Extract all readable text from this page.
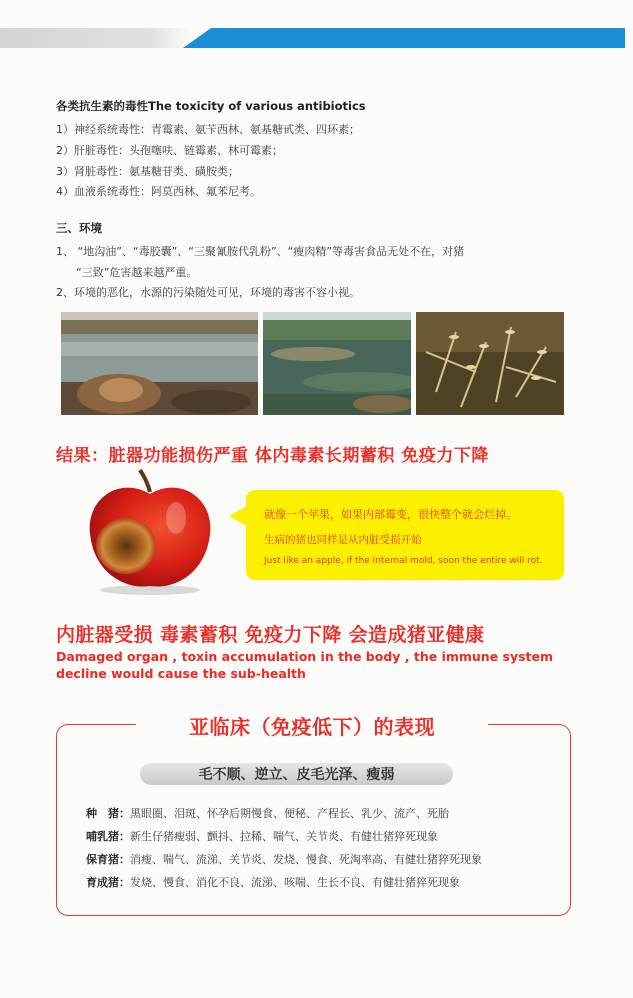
各类抗生素的毒性The toxicity of various antibiotics
1）神经系统毒性：青霉素、氨苄西林、氨基糖甙类、四环素；
2）肝脏毒性：头孢噻呋、链霉素、林可霉素；
3）肾脏毒性：氨基糖苷类、磺胺类；
4）血液系统毒性：阿莫西林、氟苯尼考。
三、环境
1、 “地沟油”、“毒胶囊”、“三聚氰胺代乳粉”、“瘦肉精”等毒害食品无处不在，对猪
“三致”危害越来越严重。
2、环境的恶化，水源的污染随处可见，环境的毒害不容小视。
结果：脏器功能损伤严重 体内毒素长期蓄积 免疫力下降

就像一个苹果，如果内部霉变，很快整个就会烂掉。

生病的猪也同样是从内脏受损开始

Just like an apple, if the internal mold, soon the entire will rot.

内脏器受损 毒素蓄积 免疫力下降 会造成猪亚健康
Damaged organ , toxin accumulation in the body , the immune system decline would cause the sub-health
亚临床（免疫低下）的表现
毛不顺、逆立、皮毛光泽、瘦弱
种　猪：黑眼圈、泪斑、怀孕后期慢食、便秘、产程长、乳少、流产、死胎
哺乳猪：新生仔猪瘦弱、颤抖、拉稀、喘气、关节炎、有健壮猪猝死现象
保育猪：消瘦、喘气、流涕、关节炎、发烧、慢食、死淘率高、有健壮猪猝死现象
育成猪：发烧、慢食、消化不良、流涕、咳喘、生长不良、有健壮猪猝死现象
